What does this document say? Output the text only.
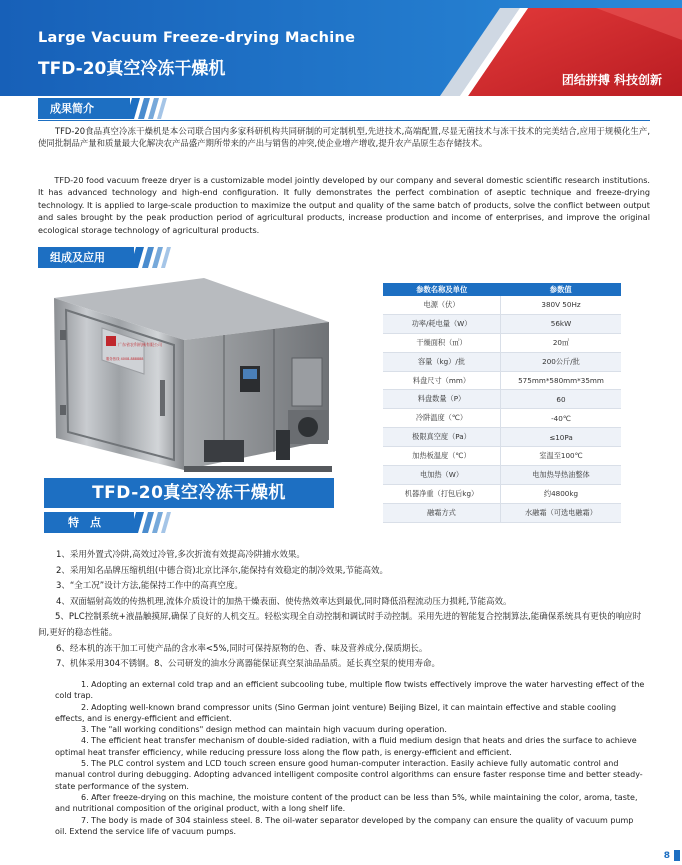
Large Vacuum Freeze-drying Machine
TFD-20真空冷冻干燥机
团结拼搏 科技创新
成果简介
　　TFD-20食品真空冷冻干燥机是本公司联合国内多家科研机构共同研制的可定制机型,先进技术,高端配置,尽显无菌技术与冻干技术的完美结合,应用于规模化生产,使同批制品产量和质量最大化解决农产品盛产期所带来的产出与销售的冲突,使企业增产增收,提升农产品原生态存储技术。
　　TFD-20 food vacuum freeze dryer is a customizable model jointly developed by our company and several domestic scientific research institutions. It has advanced technology and high-end configuration. It fully demonstrates the perfect combination of aseptic technique and freeze-drying technology. It is applied to large-scale production to maximize the output and quality of the same batch of products, solve the conflict between output and sales brought by the peak production period of agricultural products, increase production and income of enterprises, and improve the original ecological storage technology of agricultural products.
组成及应用
广东省农科机械有限公司
服务热线 4008-888888
TFD-20真空冷冻干燥机
参数名称及单位	参数值
电源（伏）	380V 50Hz
功率/耗电量（W）	56kW
干燥面积（㎡）	20㎡
容量（kg）/批	200公斤/批
料盘尺寸（mm）	575mm*580mm*35mm
料盘数量（P）	60
冷阱温度（℃）	-40℃
极限真空度（Pa）	≤10Pa
加热板温度（℃）	室温至100℃
电加热（W）	电加热导热油整体
机器净重（打包后kg）	约4800kg
融霜方式	水融霜（可选电融霜）
特　点
1、采用外置式冷阱,高效过冷管,多次折流有效提高冷阱捕水效果。
2、采用知名品牌压缩机组(中德合资)北京比泽尔,能保持有效稳定的制冷效果,节能高效。
3、“全工况”设计方法,能保持工作中的高真空度。
4、双面辐射高效的传热机理,流体介质设计的加热干燥表面、使传热效率达到最优,同时降低沿程流动压力损耗,节能高效。
　　5、PLC控制系统+液晶触摸屏,确保了良好的人机交互。轻松实现全自动控制和调试时手动控制。采用先进的智能复合控制算法,能确保系统具有更快的响应时间,更好的稳态性能。
6、经本机的冻干加工可使产品的含水率<5%,同时可保持原物的色、香、味及营养成分,保质期长。
7、机体采用304不锈钢。8、公司研发的油水分离器能保证真空泵油品品质。延长真空泵的使用寿命。
1. Adopting an external cold trap and an efficient subcooling tube, multiple flow twists effectively improve the water harvesting effect of the cold trap.
2. Adopting well-known brand compressor units (Sino German joint venture) Beijing Bizel, it can maintain effective and stable cooling effects, and is energy-efficient and efficient.
3. The "all working conditions" design method can maintain high vacuum during operation.
4. The efficient heat transfer mechanism of double-sided radiation, with a fluid medium design that heats and dries the surface to achieve optimal heat transfer efficiency, while reducing pressure loss along the flow path, is energy-efficient and efficient.
5. The PLC control system and LCD touch screen ensure good human-computer interaction. Easily achieve fully automatic control and manual control during debugging. Adopting advanced intelligent composite control algorithms can ensure faster response time and better steady-state performance of the system.
6. After freeze-drying on this machine, the moisture content of the product can be less than 5%, while maintaining the color, aroma, taste, and nutritional composition of the original product, with a long shelf life.
7. The body is made of 304 stainless steel. 8. The oil-water separator developed by the company can ensure the quality of vacuum pump oil. Extend the service life of vacuum pumps.
8
